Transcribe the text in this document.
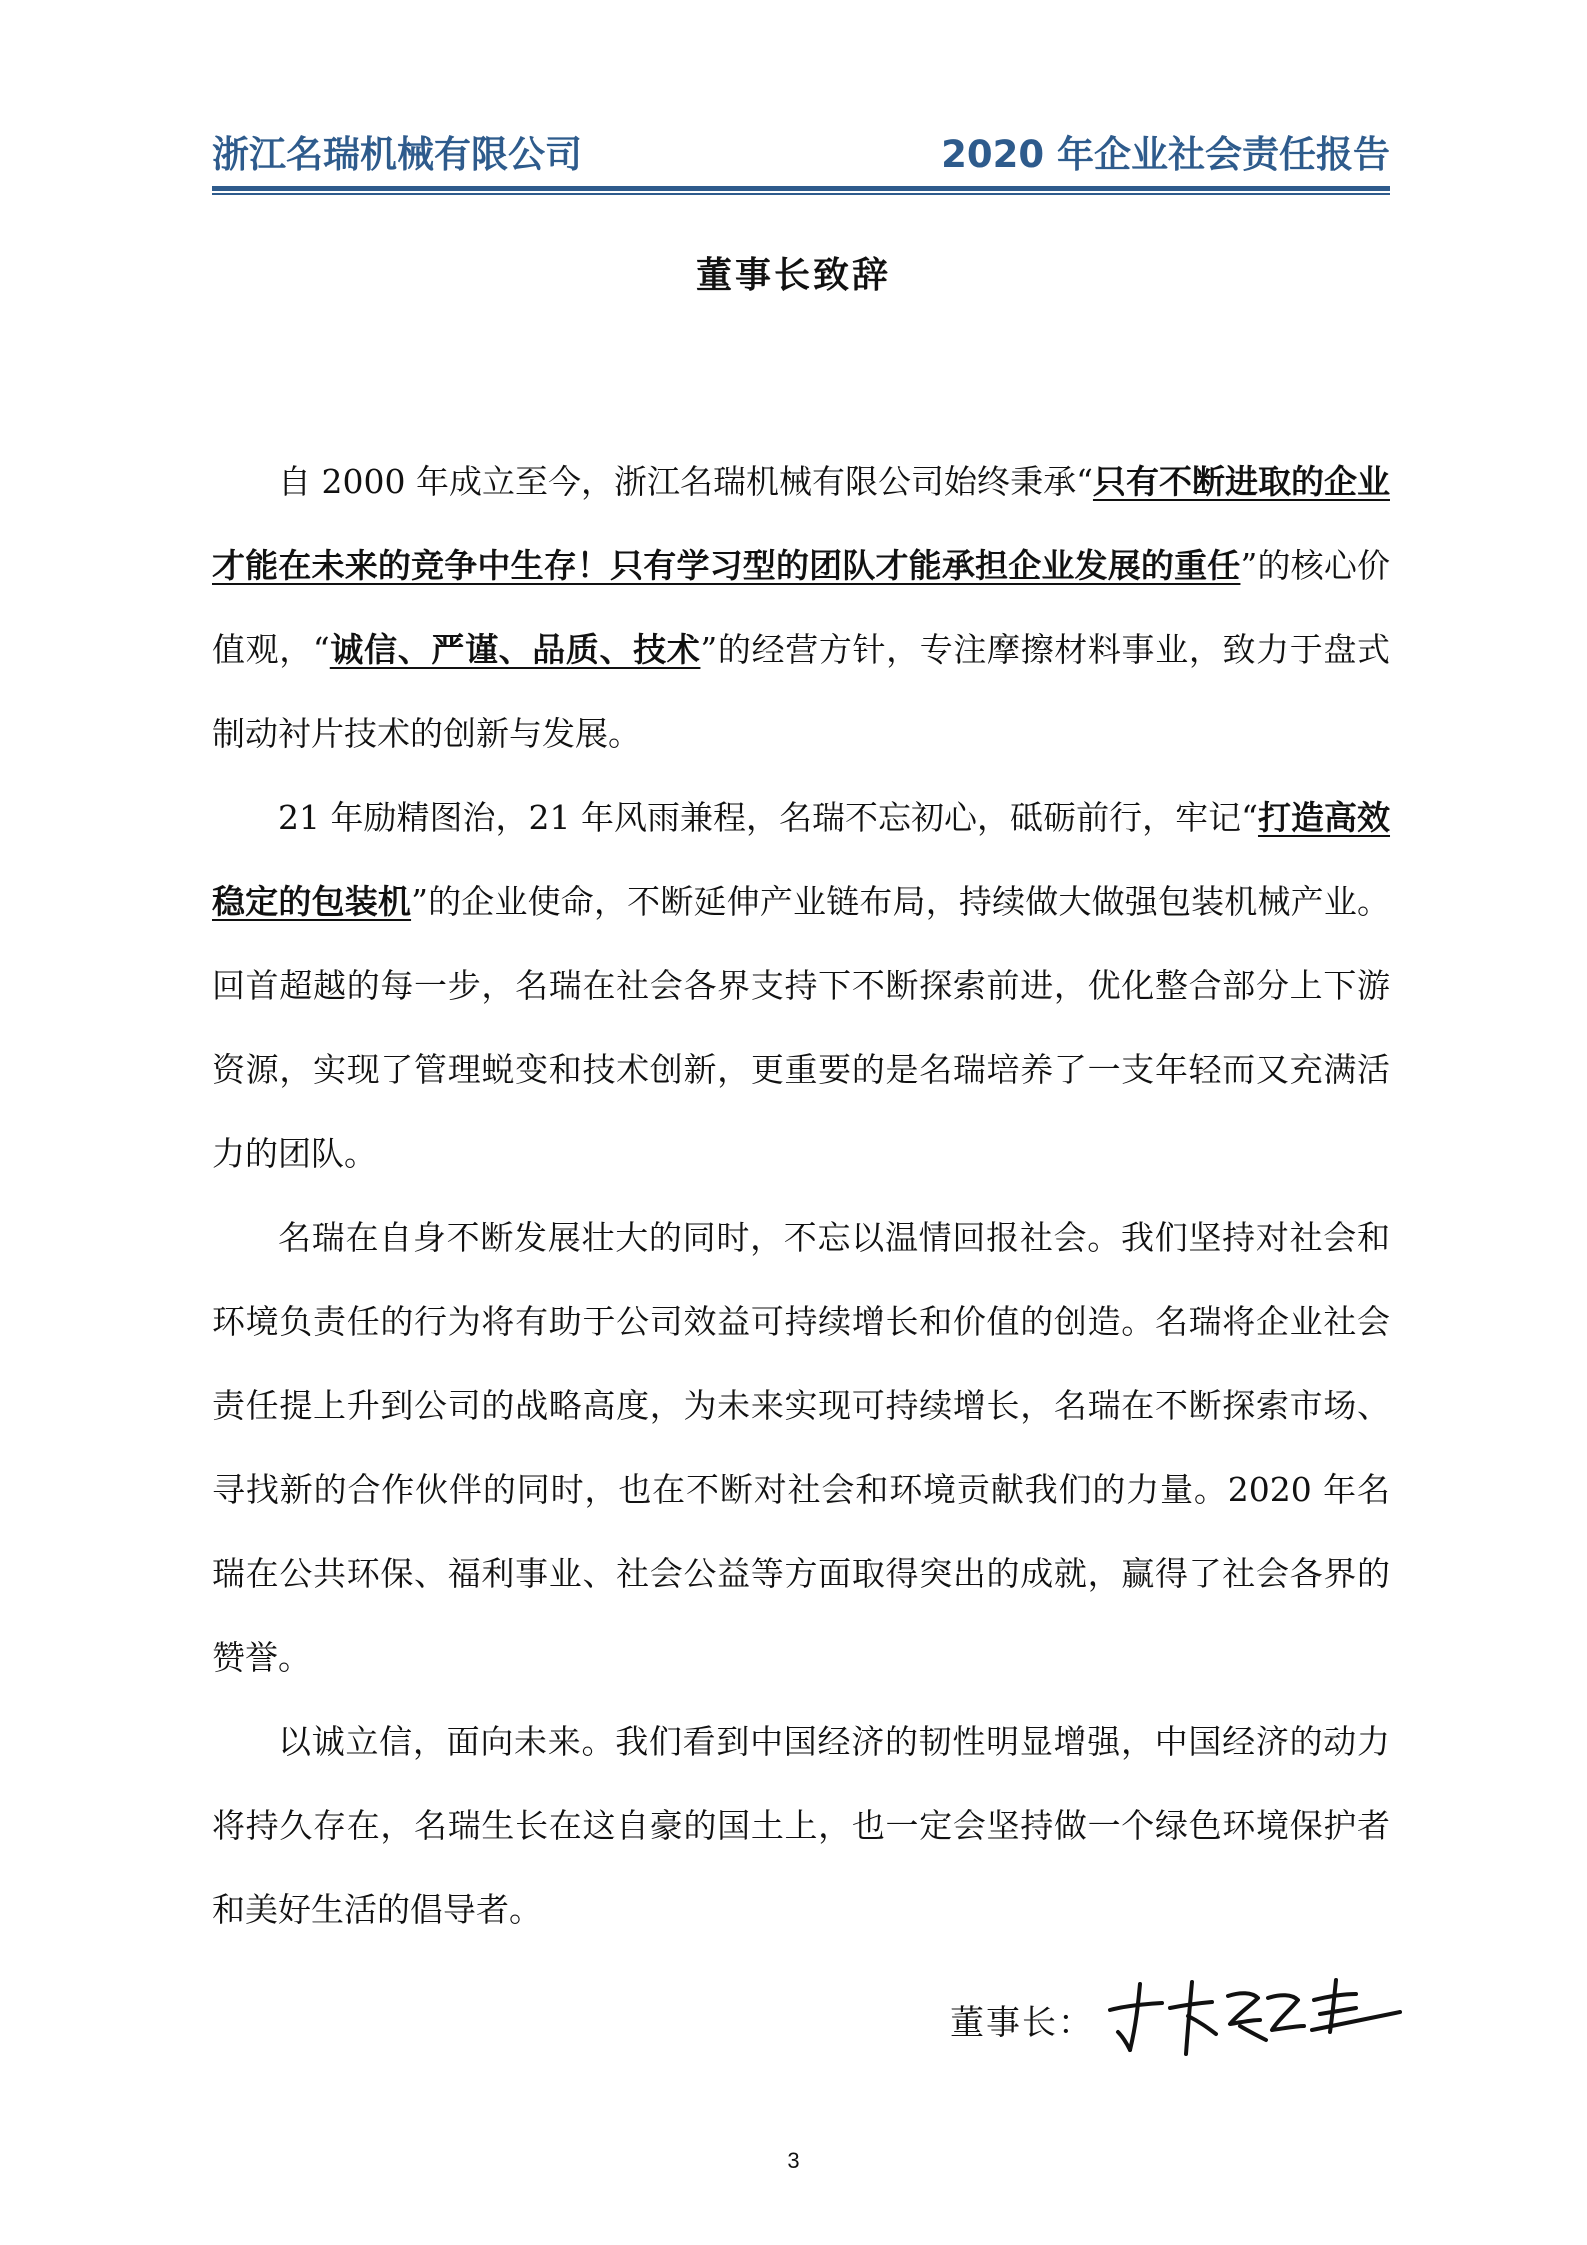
浙江名瑞机械有限公司	2020 年企业社会责任报告
董事长致辞

自 2000 年成立至今，浙江名瑞机械有限公司始终秉承“只有不断进取的企业才能在未来的竞争中生存！只有学习型的团队才能承担企业发展的重任”的核心价值观，“诚信、严谨、品质、技术”的经营方针，专注摩擦材料事业，致力于盘式制动衬片技术的创新与发展。

21 年励精图治，21 年风雨兼程，名瑞不忘初心，砥砺前行，牢记“打造高效稳定的包装机”的企业使命，不断延伸产业链布局，持续做大做强包装机械产业。回首超越的每一步，名瑞在社会各界支持下不断探索前进，优化整合部分上下游资源，实现了管理蜕变和技术创新，更重要的是名瑞培养了一支年轻而又充满活力的团队。

名瑞在自身不断发展壮大的同时，不忘以温情回报社会。我们坚持对社会和环境负责任的行为将有助于公司效益可持续增长和价值的创造。名瑞将企业社会责任提上升到公司的战略高度，为未来实现可持续增长，名瑞在不断探索市场、寻找新的合作伙伴的同时，也在不断对社会和环境贡献我们的力量。2020 年名瑞在公共环保、福利事业、社会公益等方面取得突出的成就，赢得了社会各界的赞誉。

以诚立信，面向未来。我们看到中国经济的韧性明显增强，中国经济的动力将持久存在，名瑞生长在这自豪的国土上，也一定会坚持做一个绿色环境保护者和美好生活的倡导者。

董事长：
3
